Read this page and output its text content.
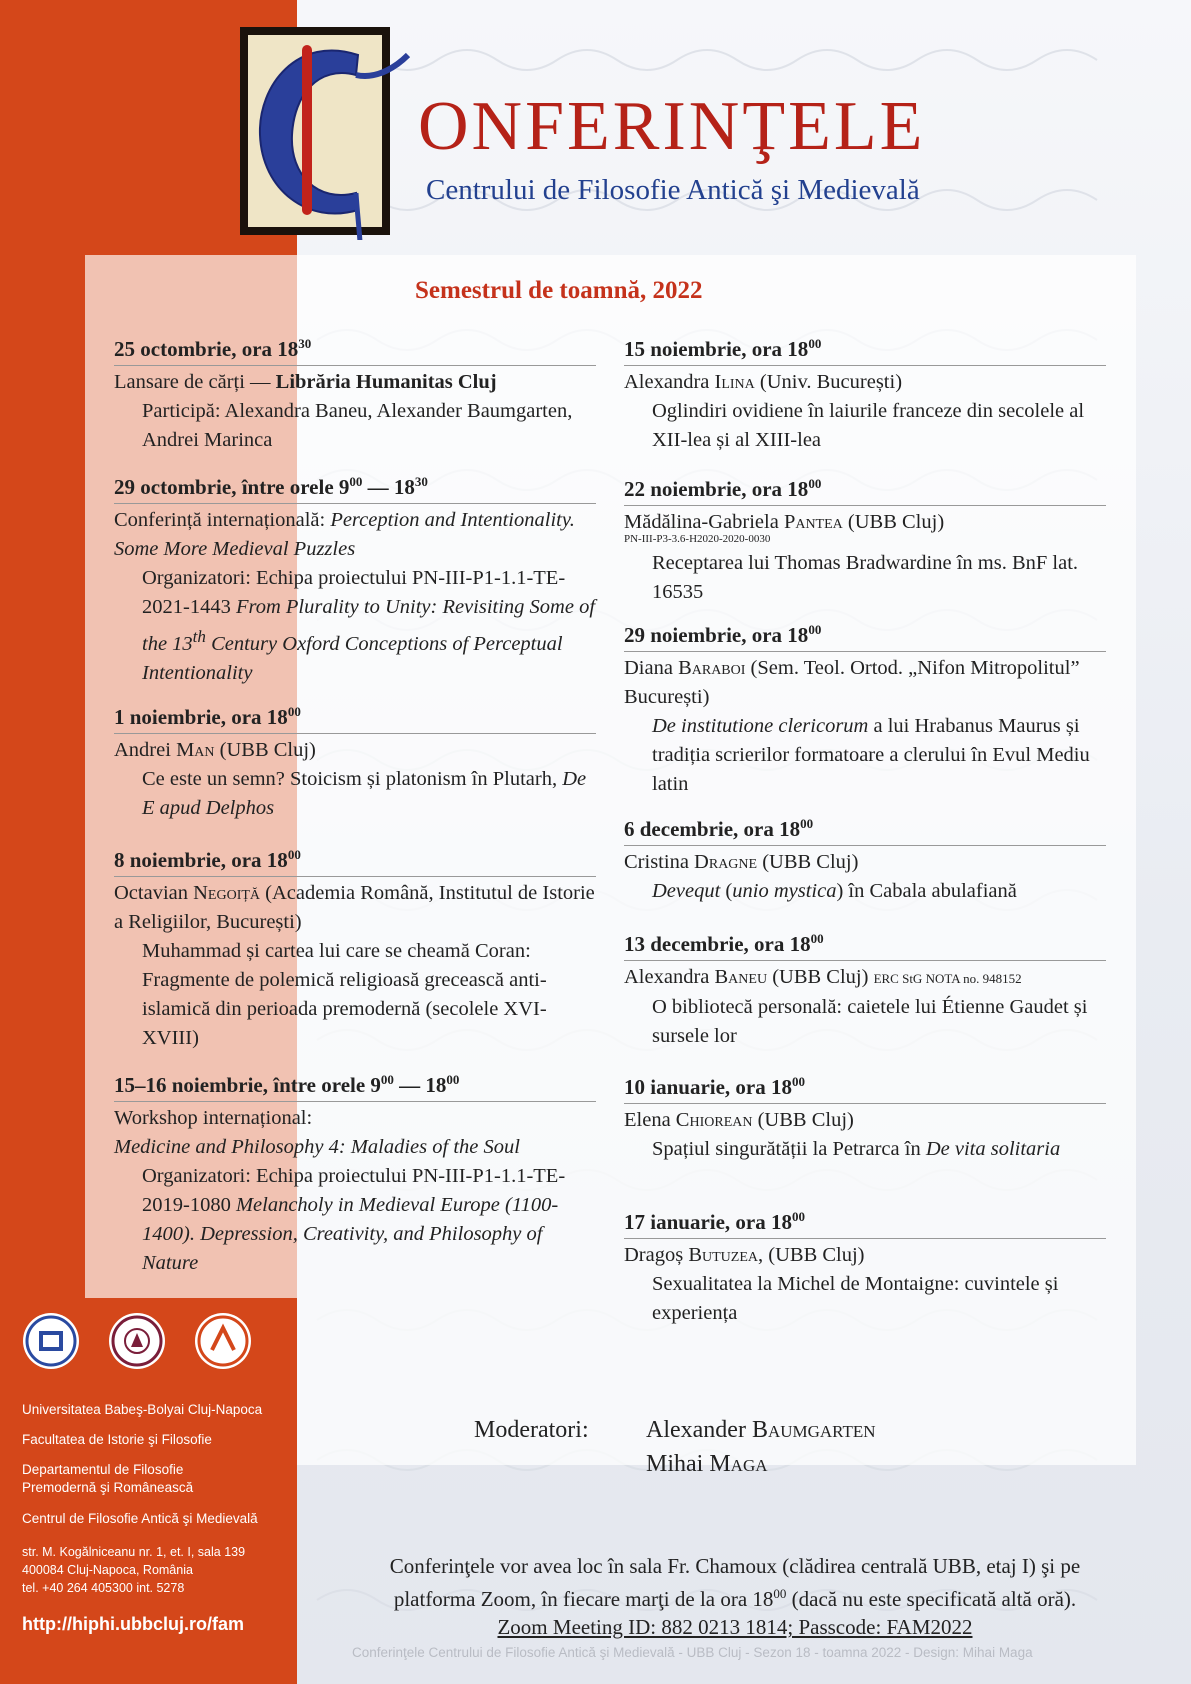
ONFERINŢELE
Centrului de Filosofie Antică şi Medievală
Semestrul de toamnă, 2022
25 octombrie, ora $18^{30}$
Lansare de cărți — Librăria Humanitas Cluj
Participă: Alexandra Baneu, Alexander Baumgarten, Andrei Marinca
29 octombrie, între orele $9^{00}$ — $18^{30}$
Conferință internațională: Perception and Intentionality. Some More Medieval Puzzles
Organizatori: Echipa proiectului PN-III-P1-1.1-TE-2021-1443 From Plurality to Unity: Revisiting Some of the 13th Century Oxford Conceptions of Perceptual Intentionality
1 noiembrie, ora $18^{00}$
Andrei Man (UBB Cluj)
Ce este un semn? Stoicism și platonism în Plutarh, De E apud Delphos
8 noiembrie, ora $18^{00}$
Octavian Negoiță (Academia Română, Institutul de Istorie a Religiilor, București)
Muhammad și cartea lui care se cheamă Coran: Fragmente de polemică religioasă grecească anti-islamică din perioada premodernă (secolele XVI-XVIII)
15–16 noiembrie, între orele $9^{00}$ — $18^{00}$
Workshop internațional:
Medicine and Philosophy 4: Maladies of the Soul
Organizatori: Echipa proiectului PN-III-P1-1.1-TE-2019-1080 Melancholy in Medieval Europe (1100-1400). Depression, Creativity, and Philosophy of Nature
15 noiembrie, ora $18^{00}$
Alexandra Ilina (Univ. București)
Oglindiri ovidiene în laiurile franceze din secolele al XII-lea și al XIII-lea
22 noiembrie, ora $18^{00}$
Mădălina-Gabriela Pantea (UBB Cluj)
PN-III-P3-3.6-H2020-2020-0030
Receptarea lui Thomas Bradwardine în ms. BnF lat. 16535
29 noiembrie, ora $18^{00}$
Diana Baraboi (Sem. Teol. Ortod. „Nifon Mitropolitul” București)
De institutione clericorum a lui Hrabanus Maurus și tradiția scrierilor formatoare a clerului în Evul Mediu latin
6 decembrie, ora $18^{00}$
Cristina Dragne (UBB Cluj)
Devequt (unio mystica) în Cabala abulafiană
13 decembrie, ora $18^{00}$
Alexandra Baneu (UBB Cluj) ERC StG NOTA no. 948152
O bibliotecă personală: caietele lui Étienne Gaudet și sursele lor
10 ianuarie, ora $18^{00}$
Elena Chiorean (UBB Cluj)
Spațiul singurătății la Petrarca în De vita solitaria
17 ianuarie, ora $18^{00}$
Dragoș Butuzea, (UBB Cluj)
Sexualitatea la Michel de Montaigne: cuvintele și experiența
Universitatea Babeş-Bolyai Cluj-Napoca
Facultatea de Istorie şi Filosofie
Departamentul de Filosofie
Premodernă şi Românească
Centrul de Filosofie Antică şi Medievală
str. M. Kogălniceanu nr. 1, et. I, sala 139
400084 Cluj-Napoca, România
tel. +40 264 405300 int. 5278
http://hiphi.ubbcluj.ro/fam
Moderatori: Alexander Baumgarten
Mihai Maga
Conferinţele vor avea loc în sala Fr. Chamoux (clădirea centrală UBB, etaj I) şi pe
platforma Zoom, în fiecare marţi de la ora $18^{00}$ (dacă nu este specificată altă oră).
Zoom Meeting ID: 882 0213 1814; Passcode: FAM2022
Conferinţele Centrului de Filosofie Antică şi Medievală - UBB Cluj - Sezon 18 - toamna 2022 - Design: Mihai Maga
